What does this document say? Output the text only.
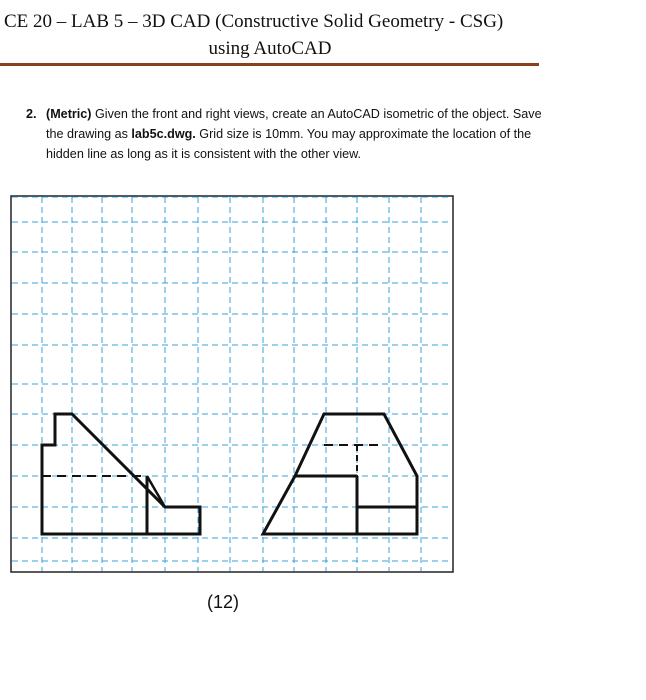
CE 20 – LAB 5 – 3D CAD (Constructive Solid Geometry - CSG)
using AutoCAD
2. (Metric) Given the front and right views, create an AutoCAD isometric of the object. Save the drawing as lab5c.dwg. Grid size is 10mm. You may approximate the location of the hidden line as long as it is consistent with the other view.
(12)
